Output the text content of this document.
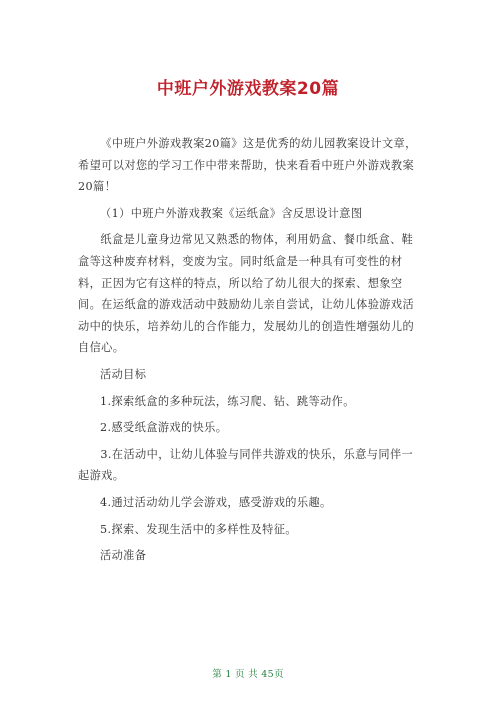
中班户外游戏教案20篇

《中班户外游戏教案20篇》这是优秀的幼儿园教案设计文章，希望可以对您的学习工作中带来帮助，快来看看中班户外游戏教案20篇！

（1）中班户外游戏教案《运纸盒》含反思设计意图

纸盒是儿童身边常见又熟悉的物体，利用奶盒、餐巾纸盒、鞋盒等这种废弃材料，变废为宝。同时纸盒是一种具有可变性的材料，正因为它有这样的特点，所以给了幼儿很大的探索、想象空间。在运纸盒的游戏活动中鼓励幼儿亲自尝试，让幼儿体验游戏活动中的快乐，培养幼儿的合作能力，发展幼儿的创造性增强幼儿的自信心。

活动目标

1.探索纸盒的多种玩法，练习爬、钻、跳等动作。

2.感受纸盒游戏的快乐。

3.在活动中，让幼儿体验与同伴共游戏的快乐，乐意与同伴一起游戏。

4.通过活动幼儿学会游戏，感受游戏的乐趣。

5.探索、发现生活中的多样性及特征。

活动准备

第 1 页 共 45页
